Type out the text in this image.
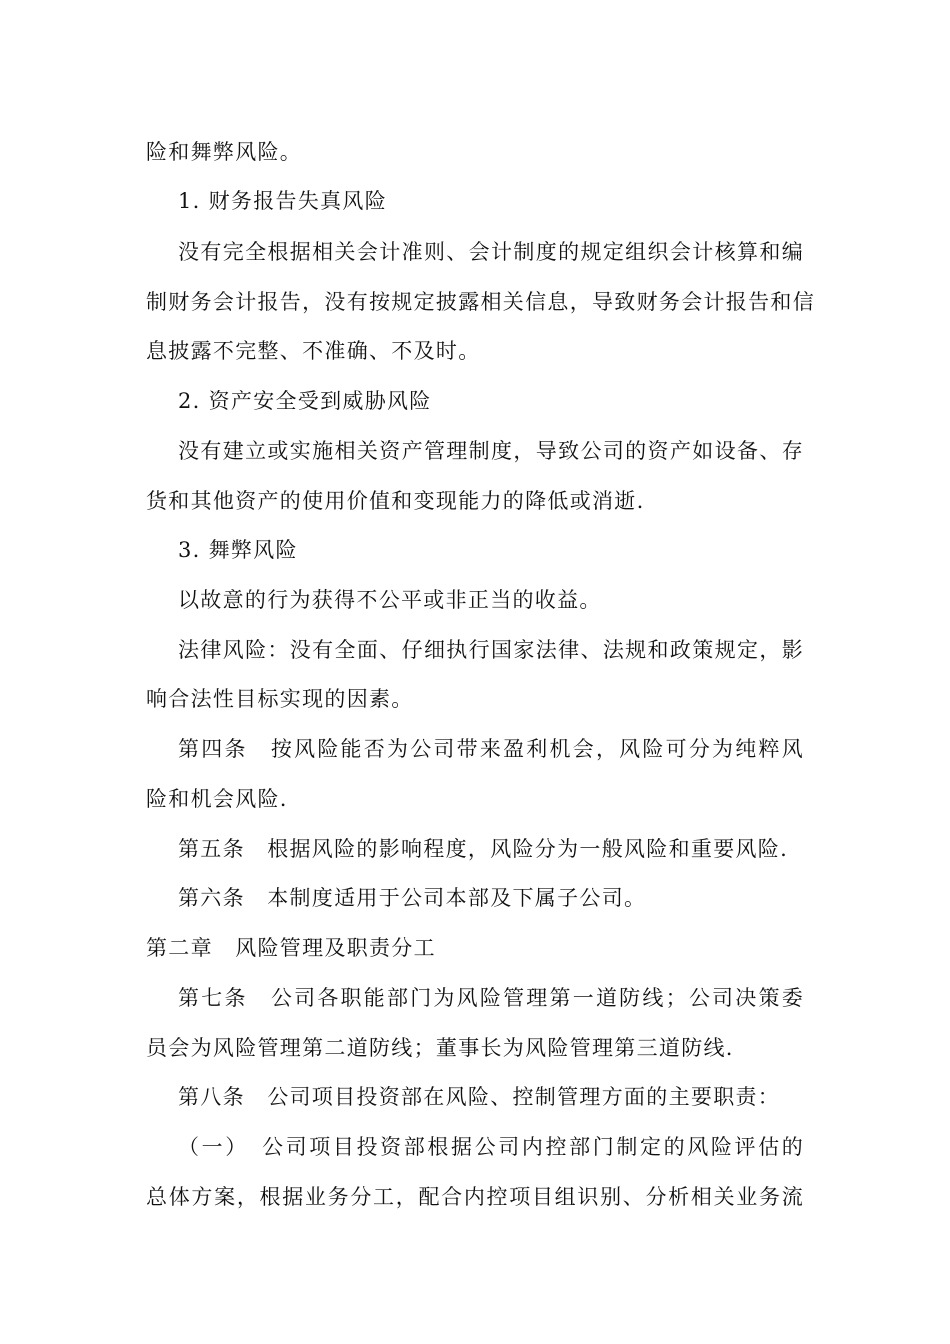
险和舞弊风险。
1. 财务报告失真风险
没有完全根据相关会计准则、会计制度的规定组织会计核算和编
制财务会计报告，没有按规定披露相关信息，导致财务会计报告和信
息披露不完整、不准确、不及时。
2. 资产安全受到威胁风险
没有建立或实施相关资产管理制度，导致公司的资产如设备、存
货和其他资产的使用价值和变现能力的降低或消逝.
3. 舞弊风险
以故意的行为获得不公平或非正当的收益。
法律风险：没有全面、仔细执行国家法律、法规和政策规定，影
响合法性目标实现的因素。
第四条　按风险能否为公司带来盈利机会，风险可分为纯粹风
险和机会风险.
第五条　根据风险的影响程度，风险分为一般风险和重要风险.
第六条　本制度适用于公司本部及下属子公司。
第二章　风险管理及职责分工
第七条　公司各职能部门为风险管理第一道防线；公司决策委
员会为风险管理第二道防线；董事长为风险管理第三道防线.
第八条　公司项目投资部在风险、控制管理方面的主要职责：
（一）　公司项目投资部根据公司内控部门制定的风险评估的
总体方案，根据业务分工，配合内控项目组识别、分析相关业务流
